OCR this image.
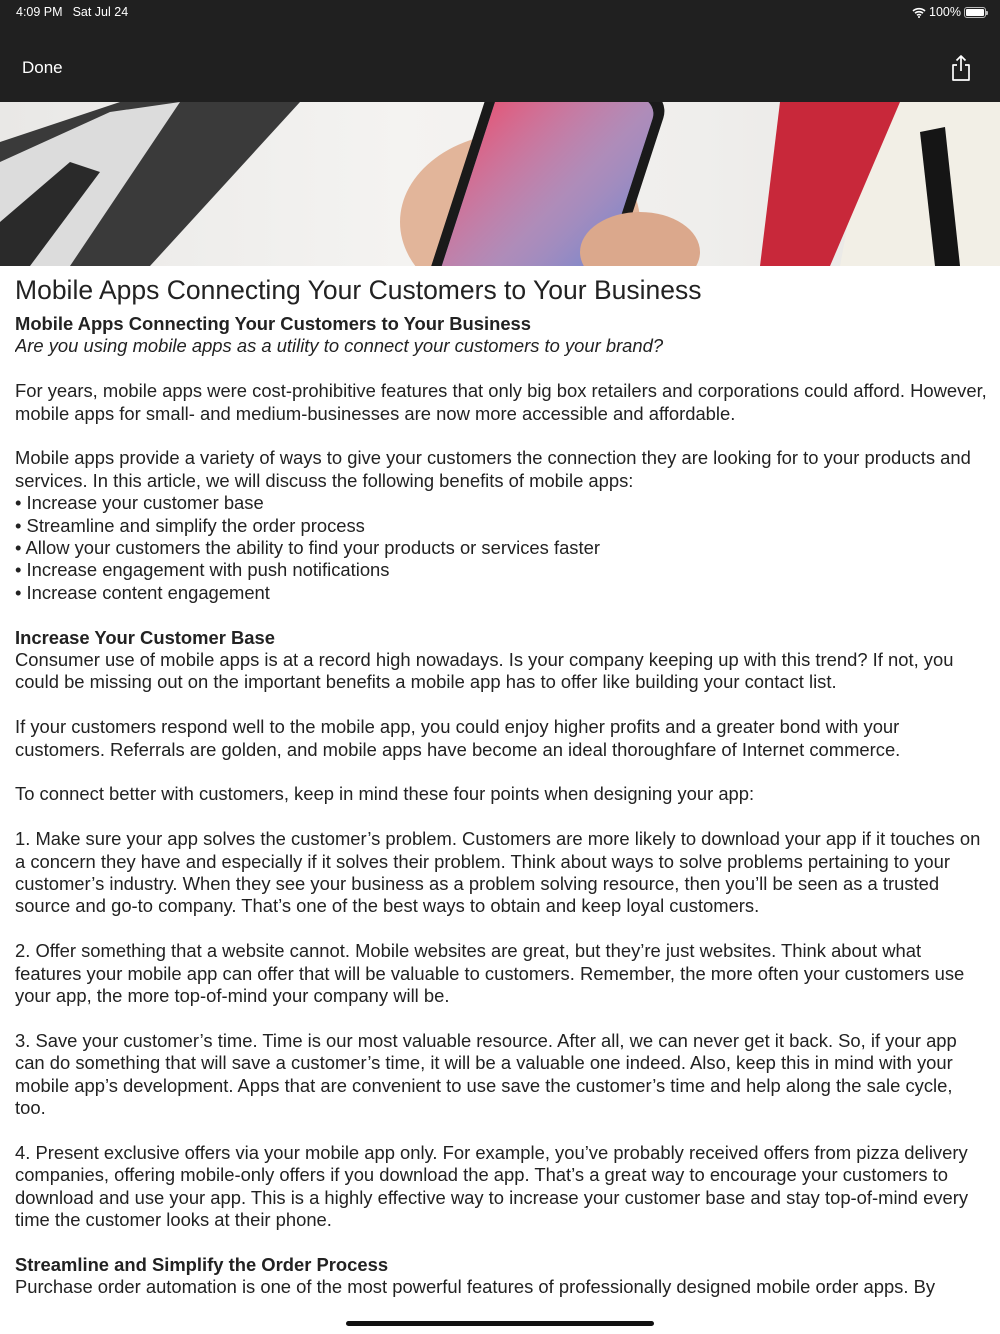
4:09 PM Sat Jul 24	100%
Done
Mobile Apps Connecting Your Customers to Your Business
Mobile Apps Connecting Your Customers to Your Business

Are you using mobile apps as a utility to connect your customers to your brand?

For years, mobile apps were cost-prohibitive features that only big box retailers and corporations could afford. However, mobile apps for small- and medium-businesses are now more accessible and affordable.

Mobile apps provide a variety of ways to give your customers the connection they are looking for to your products and services. In this article, we will discuss the following benefits of mobile apps:
• Increase your customer base
• Streamline and simplify the order process
• Allow your customers the ability to find your products or services faster
• Increase engagement with push notifications
• Increase content engagement

Increase Your Customer Base

Consumer use of mobile apps is at a record high nowadays. Is your company keeping up with this trend? If not, you could be missing out on the important benefits a mobile app has to offer like building your contact list.

If your customers respond well to the mobile app, you could enjoy higher profits and a greater bond with your customers. Referrals are golden, and mobile apps have become an ideal thoroughfare of Internet commerce.

To connect better with customers, keep in mind these four points when designing your app:

1. Make sure your app solves the customer’s problem. Customers are more likely to download your app if it touches on a concern they have and especially if it solves their problem. Think about ways to solve problems pertaining to your customer’s industry. When they see your business as a problem solving resource, then you’ll be seen as a trusted source and go-to company. That’s one of the best ways to obtain and keep loyal customers.

2. Offer something that a website cannot. Mobile websites are great, but they’re just websites. Think about what features your mobile app can offer that will be valuable to customers. Remember, the more often your customers use your app, the more top-of-mind your company will be.

3. Save your customer’s time. Time is our most valuable resource. After all, we can never get it back. So, if your app can do something that will save a customer’s time, it will be a valuable one indeed. Also, keep this in mind with your mobile app’s development. Apps that are convenient to use save the customer’s time and help along the sale cycle, too.

4. Present exclusive offers via your mobile app only. For example, you’ve probably received offers from pizza delivery companies, offering mobile-only offers if you download the app. That’s a great way to encourage your customers to download and use your app. This is a highly effective way to increase your customer base and stay top-of-mind every time the customer looks at their phone.

Streamline and Simplify the Order Process
Purchase order automation is one of the most powerful features of professionally designed mobile order apps. By
